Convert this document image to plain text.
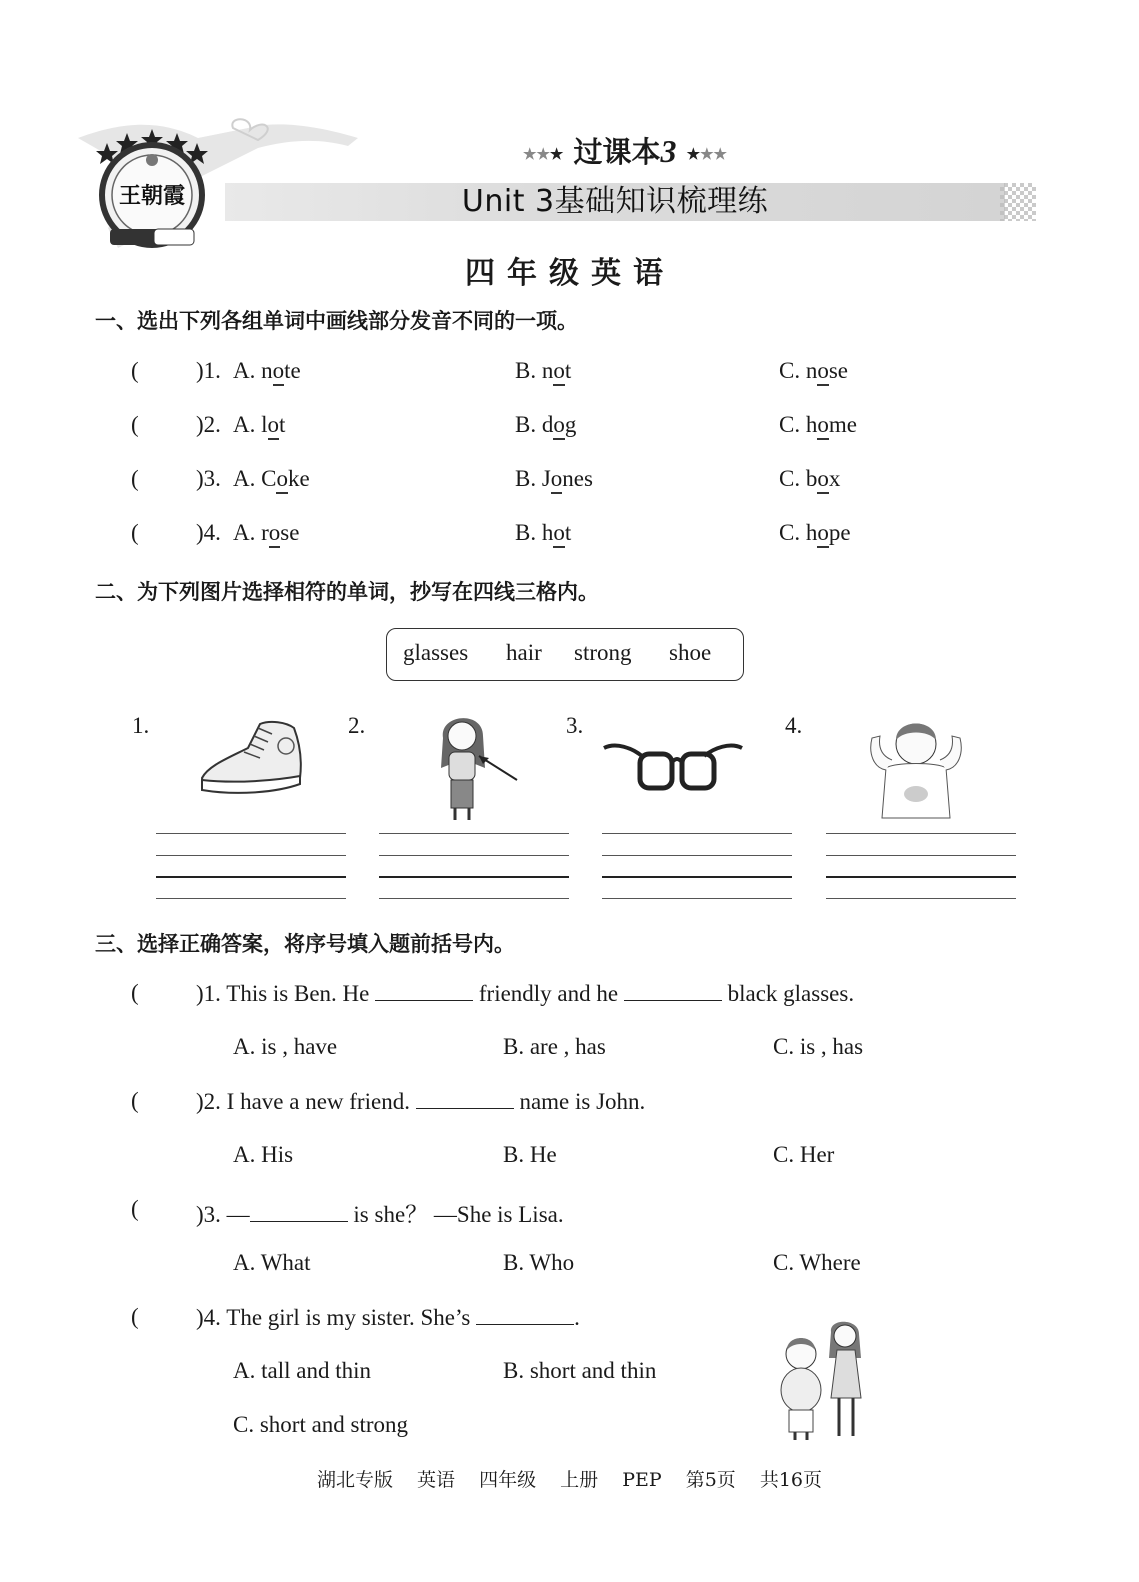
王朝霞
★★★ 过课本3 ★★★
Unit 3基础知识梳理练
四年级英语
一、选出下列各组单词中画线部分发音不同的一项。
( )1. A. note	B. not	C. nose
( )2. A. lot	B. dog	C. home
( )3. A. Coke	B. Jones	C. box
( )4. A. rose	B. hot	C. hope
二、为下列图片选择相符的单词，抄写在四线三格内。
glasses hair strong shoe
1.	2.	3.	4.
三、选择正确答案，将序号填入题前括号内。
( )1. This is Ben. He	friendly and he	black glasses.
A. is , have	B. are , has	C. is , has
( )2. I have a new friend.	name is John.
A. His	B. He	C. Her
( )3. —	is she？ —She is Lisa.
A. What	B. Who	C. Where
( )4. The girl is my sister. She’s	.
A. tall and thin	B. short and thin
C. short and strong
湖北专版 英语 四年级 上册 PEP 第5页 共16页
